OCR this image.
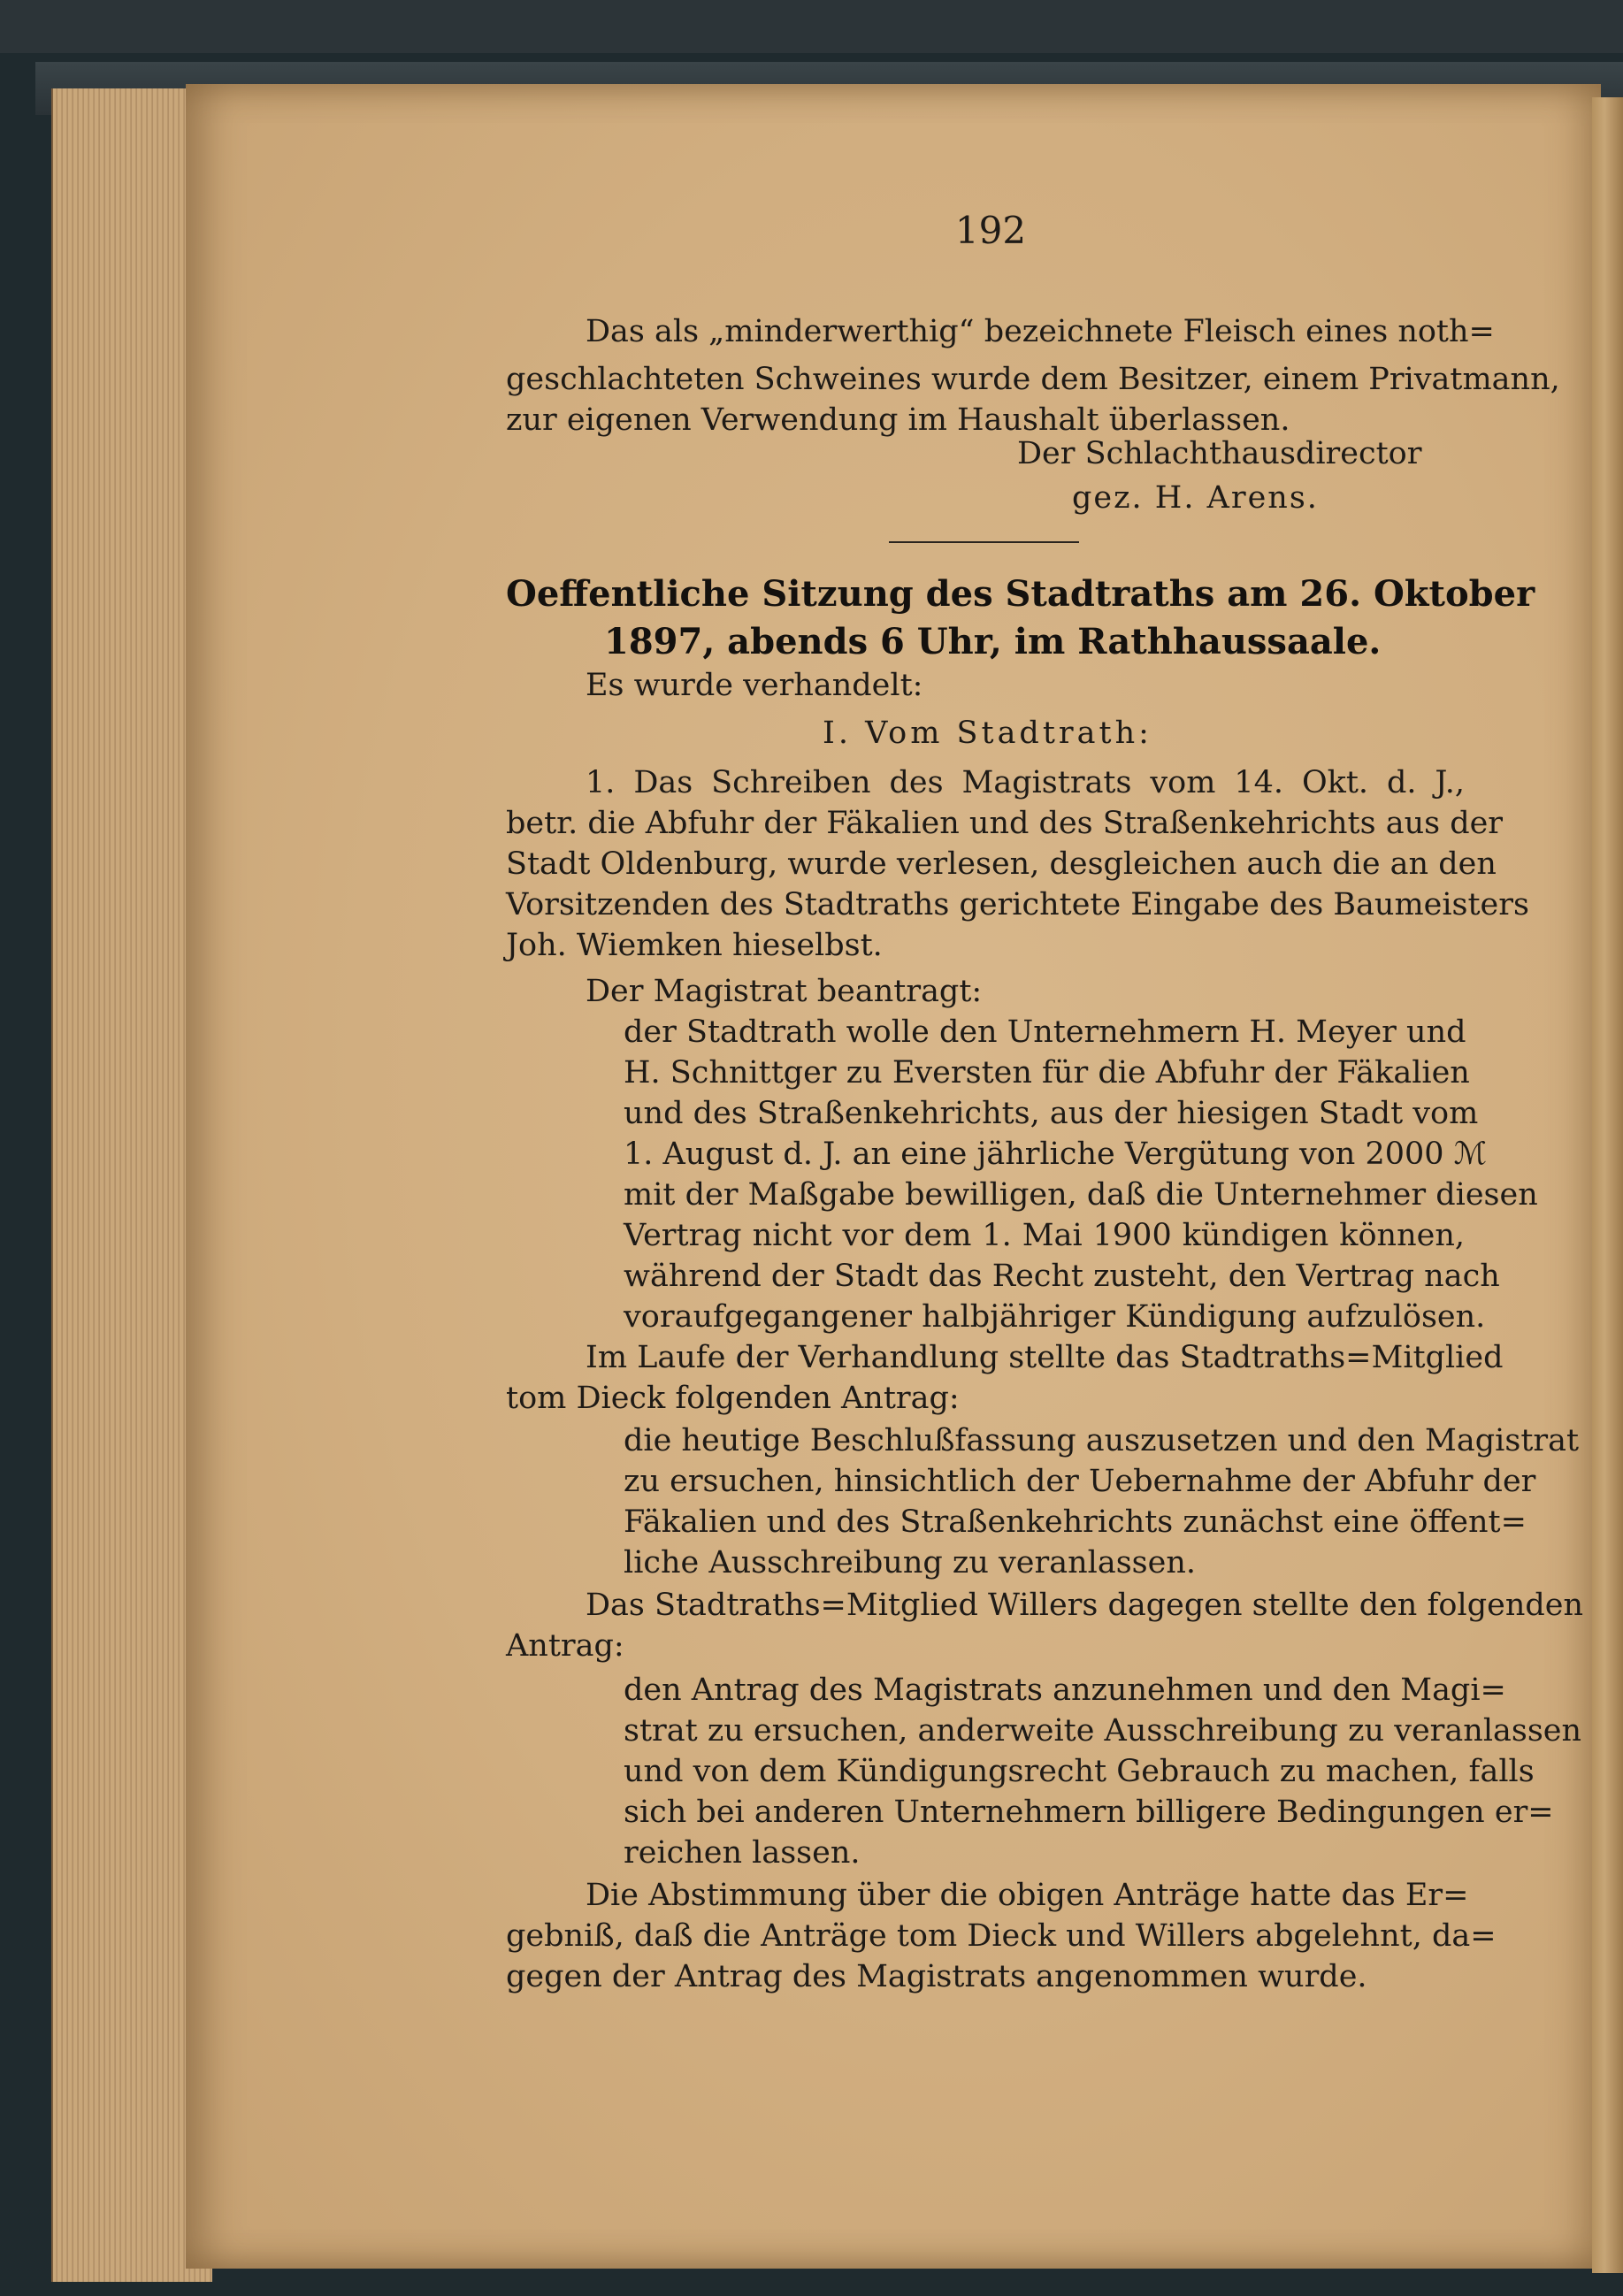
192
Das als „minderwerthig“ bezeichnete Fleisch eines noth=
geschlachteten Schweines wurde dem Besitzer, einem Privatmann,
zur eigenen Verwendung im Haushalt überlassen.
Der Schlachthausdirector
gez. H. Arens.
Oeffentliche Sitzung des Stadtraths am 26. Oktober
1897, abends 6 Uhr, im Rathhaussaale.
Es wurde verhandelt:
I. Vom Stadtrath:
1. Das Schreiben des Magistrats vom 14. Okt. d. J.,
betr. die Abfuhr der Fäkalien und des Straßenkehrichts aus der
Stadt Oldenburg, wurde verlesen, desgleichen auch die an den
Vorsitzenden des Stadtraths gerichtete Eingabe des Baumeisters
Joh. Wiemken hieselbst.
Der Magistrat beantragt:
der Stadtrath wolle den Unternehmern H. Meyer und
H. Schnittger zu Eversten für die Abfuhr der Fäkalien
und des Straßenkehrichts, aus der hiesigen Stadt vom
1. August d. J. an eine jährliche Vergütung von 2000 ℳ
mit der Maßgabe bewilligen, daß die Unternehmer diesen
Vertrag nicht vor dem 1. Mai 1900 kündigen können,
während der Stadt das Recht zusteht, den Vertrag nach
voraufgegangener halbjähriger Kündigung aufzulösen.
Im Laufe der Verhandlung stellte das Stadtraths=Mitglied
tom Dieck folgenden Antrag:
die heutige Beschlußfassung auszusetzen und den Magistrat
zu ersuchen, hinsichtlich der Uebernahme der Abfuhr der
Fäkalien und des Straßenkehrichts zunächst eine öffent=
liche Ausschreibung zu veranlassen.
Das Stadtraths=Mitglied Willers dagegen stellte den folgenden
Antrag:
den Antrag des Magistrats anzunehmen und den Magi=
strat zu ersuchen, anderweite Ausschreibung zu veranlassen
und von dem Kündigungsrecht Gebrauch zu machen, falls
sich bei anderen Unternehmern billigere Bedingungen er=
reichen lassen.
Die Abstimmung über die obigen Anträge hatte das Er=
gebniß, daß die Anträge tom Dieck und Willers abgelehnt, da=
gegen der Antrag des Magistrats angenommen wurde.
